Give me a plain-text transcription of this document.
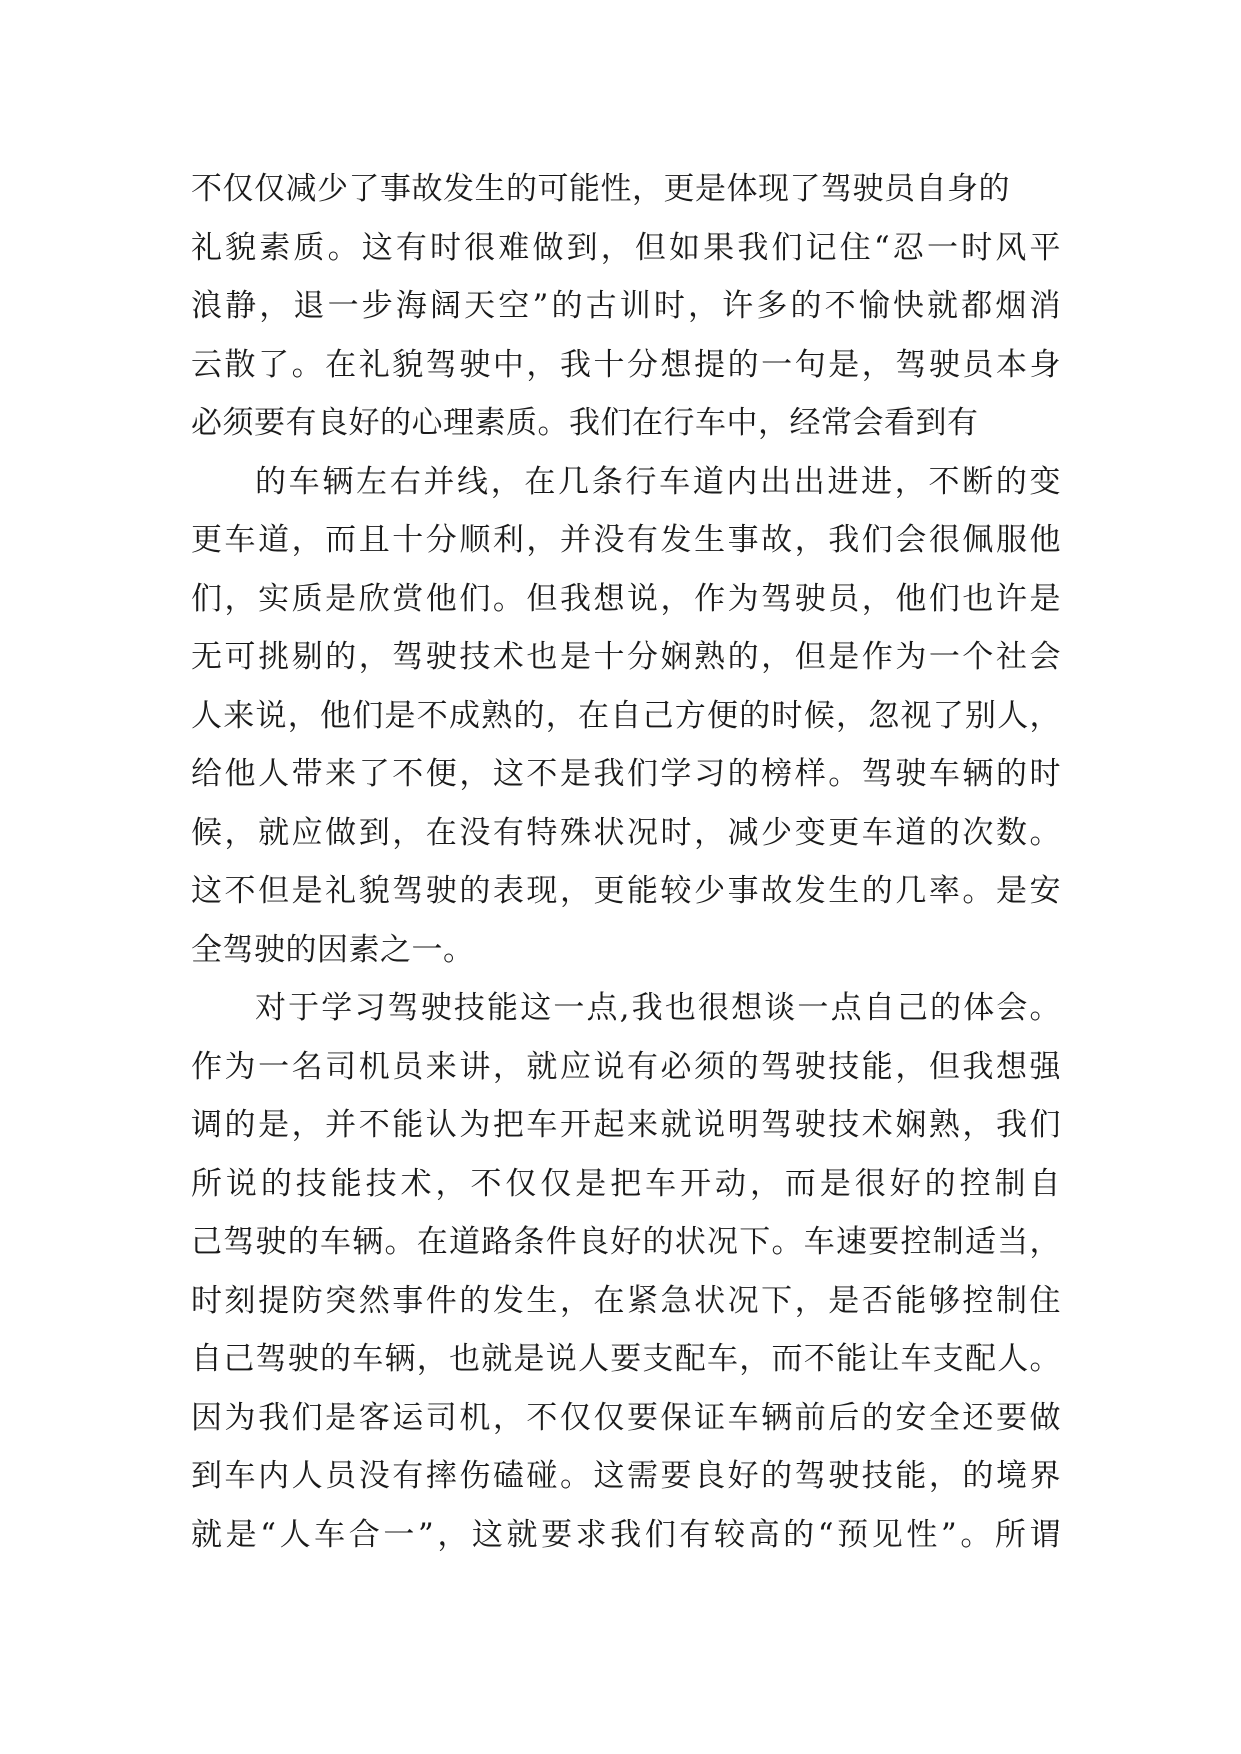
不仅仅减少了事故发生的可能性，更是体现了驾驶员自身的
礼貌素质。这有时很难做到，但如果我们记住“忍一时风平
浪静，退一步海阔天空”的古训时，许多的不愉快就都烟消
云散了。在礼貌驾驶中，我十分想提的一句是，驾驶员本身
必须要有良好的心理素质。我们在行车中，经常会看到有
的车辆左右并线，在几条行车道内出出进进，不断的变
更车道，而且十分顺利，并没有发生事故，我们会很佩服他
们，实质是欣赏他们。但我想说，作为驾驶员，他们也许是
无可挑剔的，驾驶技术也是十分娴熟的，但是作为一个社会
人来说，他们是不成熟的，在自己方便的时候，忽视了别人，
给他人带来了不便，这不是我们学习的榜样。驾驶车辆的时
候，就应做到，在没有特殊状况时，减少变更车道的次数。
这不但是礼貌驾驶的表现，更能较少事故发生的几率。是安
全驾驶的因素之一。
对于学习驾驶技能这一点,我也很想谈一点自己的体会。
作为一名司机员来讲，就应说有必须的驾驶技能，但我想强
调的是，并不能认为把车开起来就说明驾驶技术娴熟，我们
所说的技能技术，不仅仅是把车开动，而是很好的控制自
己驾驶的车辆。在道路条件良好的状况下。车速要控制适当，
时刻提防突然事件的发生，在紧急状况下，是否能够控制住
自己驾驶的车辆，也就是说人要支配车，而不能让车支配人。
因为我们是客运司机，不仅仅要保证车辆前后的安全还要做
到车内人员没有摔伤磕碰。这需要良好的驾驶技能，的境界
就是“人车合一”，这就要求我们有较高的“预见性”。所谓
